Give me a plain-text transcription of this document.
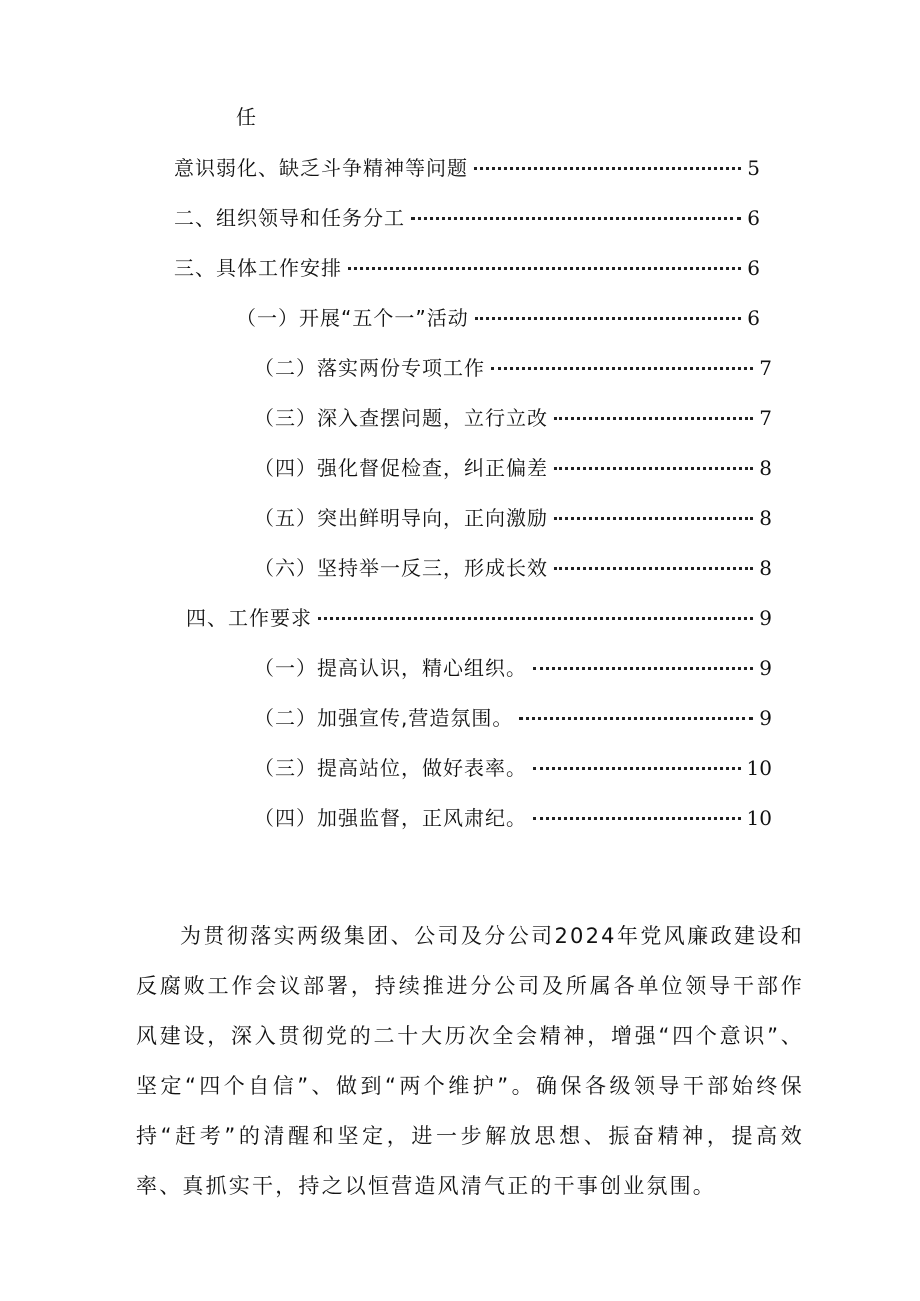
任
意识弱化、缺乏斗争精神等问题	5
二、组织领导和任务分工	6
三、具体工作安排	6
（一）开展“五个一”活动	6
（二）落实两份专项工作	7
（三）深入查摆问题，立行立改	7
（四）强化督促检查，纠正偏差	8
（五）突出鲜明导向，正向激励	8
（六）坚持举一反三，形成长效	8
四、工作要求	9
（一）提高认识，精心组织。	9
（二）加强宣传,营造氛围。	9
（三）提高站位，做好表率。	10
（四）加强监督，正风肃纪。	10

为贯彻落实两级集团、公司及分公司2024年党风廉政建设和反腐败工作会议部署，持续推进分公司及所属各单位领导干部作风建设，深入贯彻党的二十大历次全会精神，增强“四个意识”、坚定“四个自信”、做到“两个维护”。确保各级领导干部始终保持“赶考”的清醒和坚定，进一步解放思想、振奋精神，提高效率、真抓实干，持之以恒营造风清气正的干事创业氛围。
